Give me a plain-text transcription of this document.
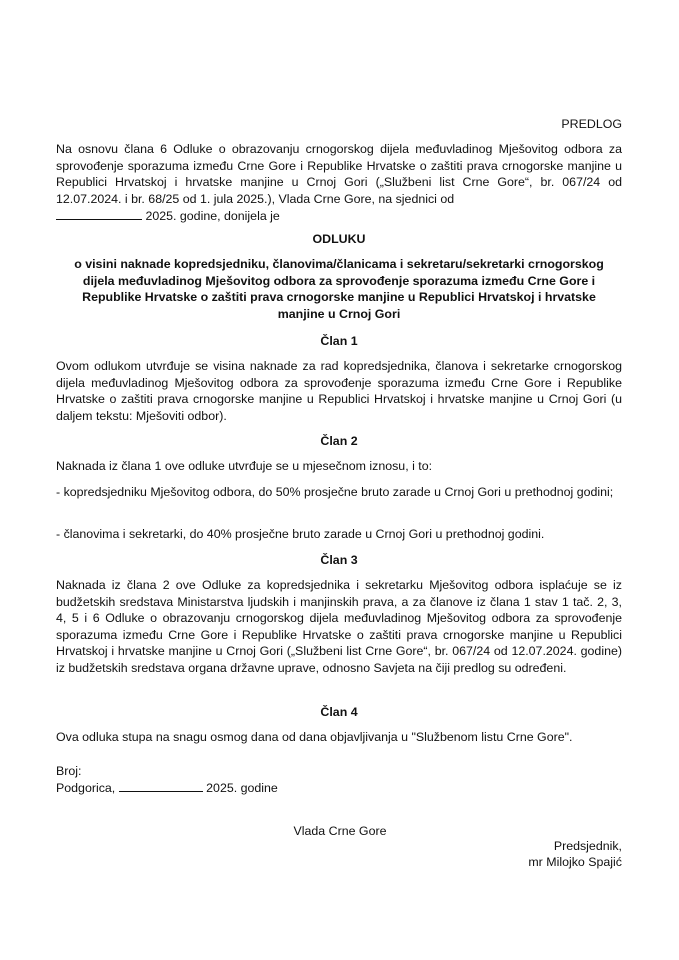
PREDLOG
Na osnovu člana 6 Odluke o obrazovanju crnogorskog dijela međuvladinog Mješovitog odbora za sprovođenje sporazuma između Crne Gore i Republike Hrvatske o zaštiti prava crnogorske manjine u Republici Hrvatskoj i hrvatske manjine u Crnoj Gori („Službeni list Crne Gore“, br. 067/24 od 12.07.2024. i br. 68/25 od 1. jula 2025.), Vlada Crne Gore, na sjednici od
2025. godine, donijela je
ODLUKU
o visini naknade kopredsjedniku, članovima/članicama i sekretaru/sekretarki crnogorskog dijela međuvladinog Mješovitog odbora za sprovođenje sporazuma između Crne Gore i Republike Hrvatske o zaštiti prava crnogorske manjine u Republici Hrvatskoj i hrvatske manjine u Crnoj Gori
Član 1
Ovom odlukom utvrđuje se visina naknade za rad kopredsjednika, članova i sekretarke crnogorskog dijela međuvladinog Mješovitog odbora za sprovođenje sporazuma između Crne Gore i Republike Hrvatske o zaštiti prava crnogorske manjine u Republici Hrvatskoj i hrvatske manjine u Crnoj Gori (u daljem tekstu: Mješoviti odbor).
Član 2
Naknada iz člana 1 ove odluke utvrđuje se u mjesečnom iznosu, i to:
- kopredsjedniku Mješovitog odbora, do 50% prosječne bruto zarade u Crnoj Gori u prethodnoj godini;
- članovima i sekretarki, do 40% prosječne bruto zarade u Crnoj Gori u prethodnoj godini.
Član 3
Naknada iz člana 2 ove Odluke za kopredsjednika i sekretarku Mješovitog odbora isplaćuje se iz budžetskih sredstava Ministarstva ljudskih i manjinskih prava, a za članove iz člana 1 stav 1 tač. 2, 3, 4, 5 i 6 Odluke o obrazovanju crnogorskog dijela međuvladinog Mješovitog odbora za sprovođenje sporazuma između Crne Gore i Republike Hrvatske o zaštiti prava crnogorske manjine u Republici Hrvatskoj i hrvatske manjine u Crnoj Gori („Službeni list Crne Gore“, br. 067/24 od 12.07.2024. godine) iz budžetskih sredstava organa državne uprave, odnosno Savjeta na čiji predlog su određeni.
Član 4
Ova odluka stupa na snagu osmog dana od dana objavljivanja u "Službenom listu Crne Gore".
Broj:
Podgorica,	2025. godine
Vlada Crne Gore
Predsjednik,
mr Milojko Spajić
